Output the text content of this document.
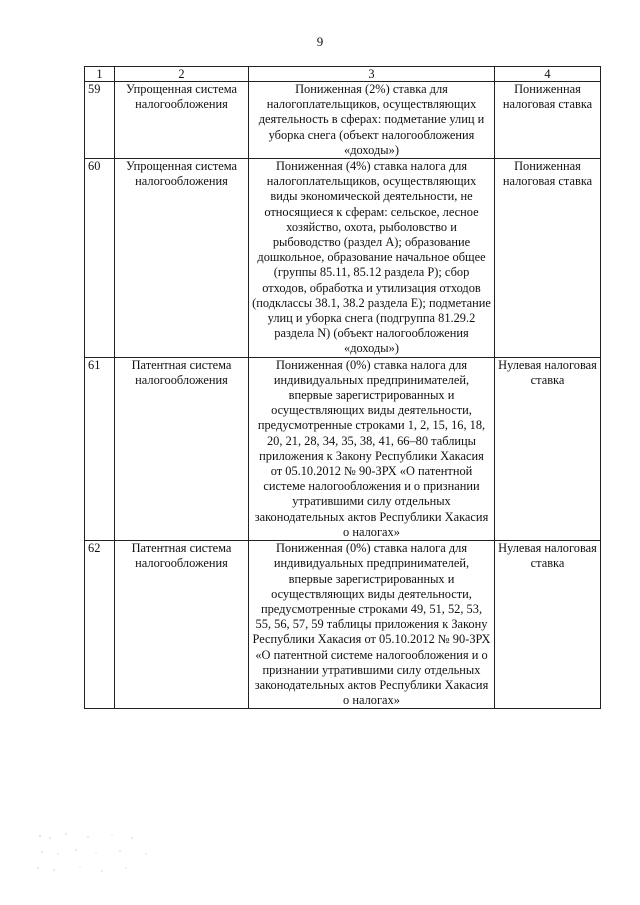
9
1	2	3	4
59	Упрощенная система налогообложения	Пониженная (2%) ставка для налогоплательщиков, осуществляющих деятельность в сферах: подметание улиц и уборка снега (объект налогообложения «доходы»)	Пониженная налоговая ставка
60	Упрощенная система налогообложения	Пониженная (4%) ставка налога для налогоплательщиков, осуществляющих виды экономической деятельности, не относящиеся к сферам: сельское, лесное хозяйство, охота, рыболовство и рыбоводство (раздел А); образование дошкольное, образование начальное общее (группы 85.11, 85.12 раздела Р); сбор отходов, обработка и утилизация отходов (подклассы 38.1, 38.2 раздела Е); подметание улиц и уборка снега (подгруппа 81.29.2 раздела N) (объект налогообложения «доходы»)	Пониженная налоговая ставка
61	Патентная система налогообложения	Пониженная (0%) ставка налога для индивидуальных предпринимателей, впервые зарегистрированных и осуществляющих виды деятельности, предусмотренные строками 1, 2, 15, 16, 18, 20, 21, 28, 34, 35, 38, 41, 66–80 таблицы приложения к Закону Республики Хакасия от 05.10.2012 № 90-ЗРХ «О патентной системе налогообложения и о признании утратившими силу отдельных законодательных актов Республики Хакасия о налогах»	Нулевая налоговая ставка
62	Патентная система налогообложения	Пониженная (0%) ставка налога для индивидуальных предпринимателей, впервые зарегистрированных и осуществляющих виды деятельности, предусмотренные строками 49, 51, 52, 53, 55, 56, 57, 59 таблицы приложения к Закону Республики Хакасия от 05.10.2012 № 90-ЗРХ «О патентной системе налогообложения и о признании утратившими силу отдельных законодательных актов Республики Хакасия о налогах»	Нулевая налоговая ставка
